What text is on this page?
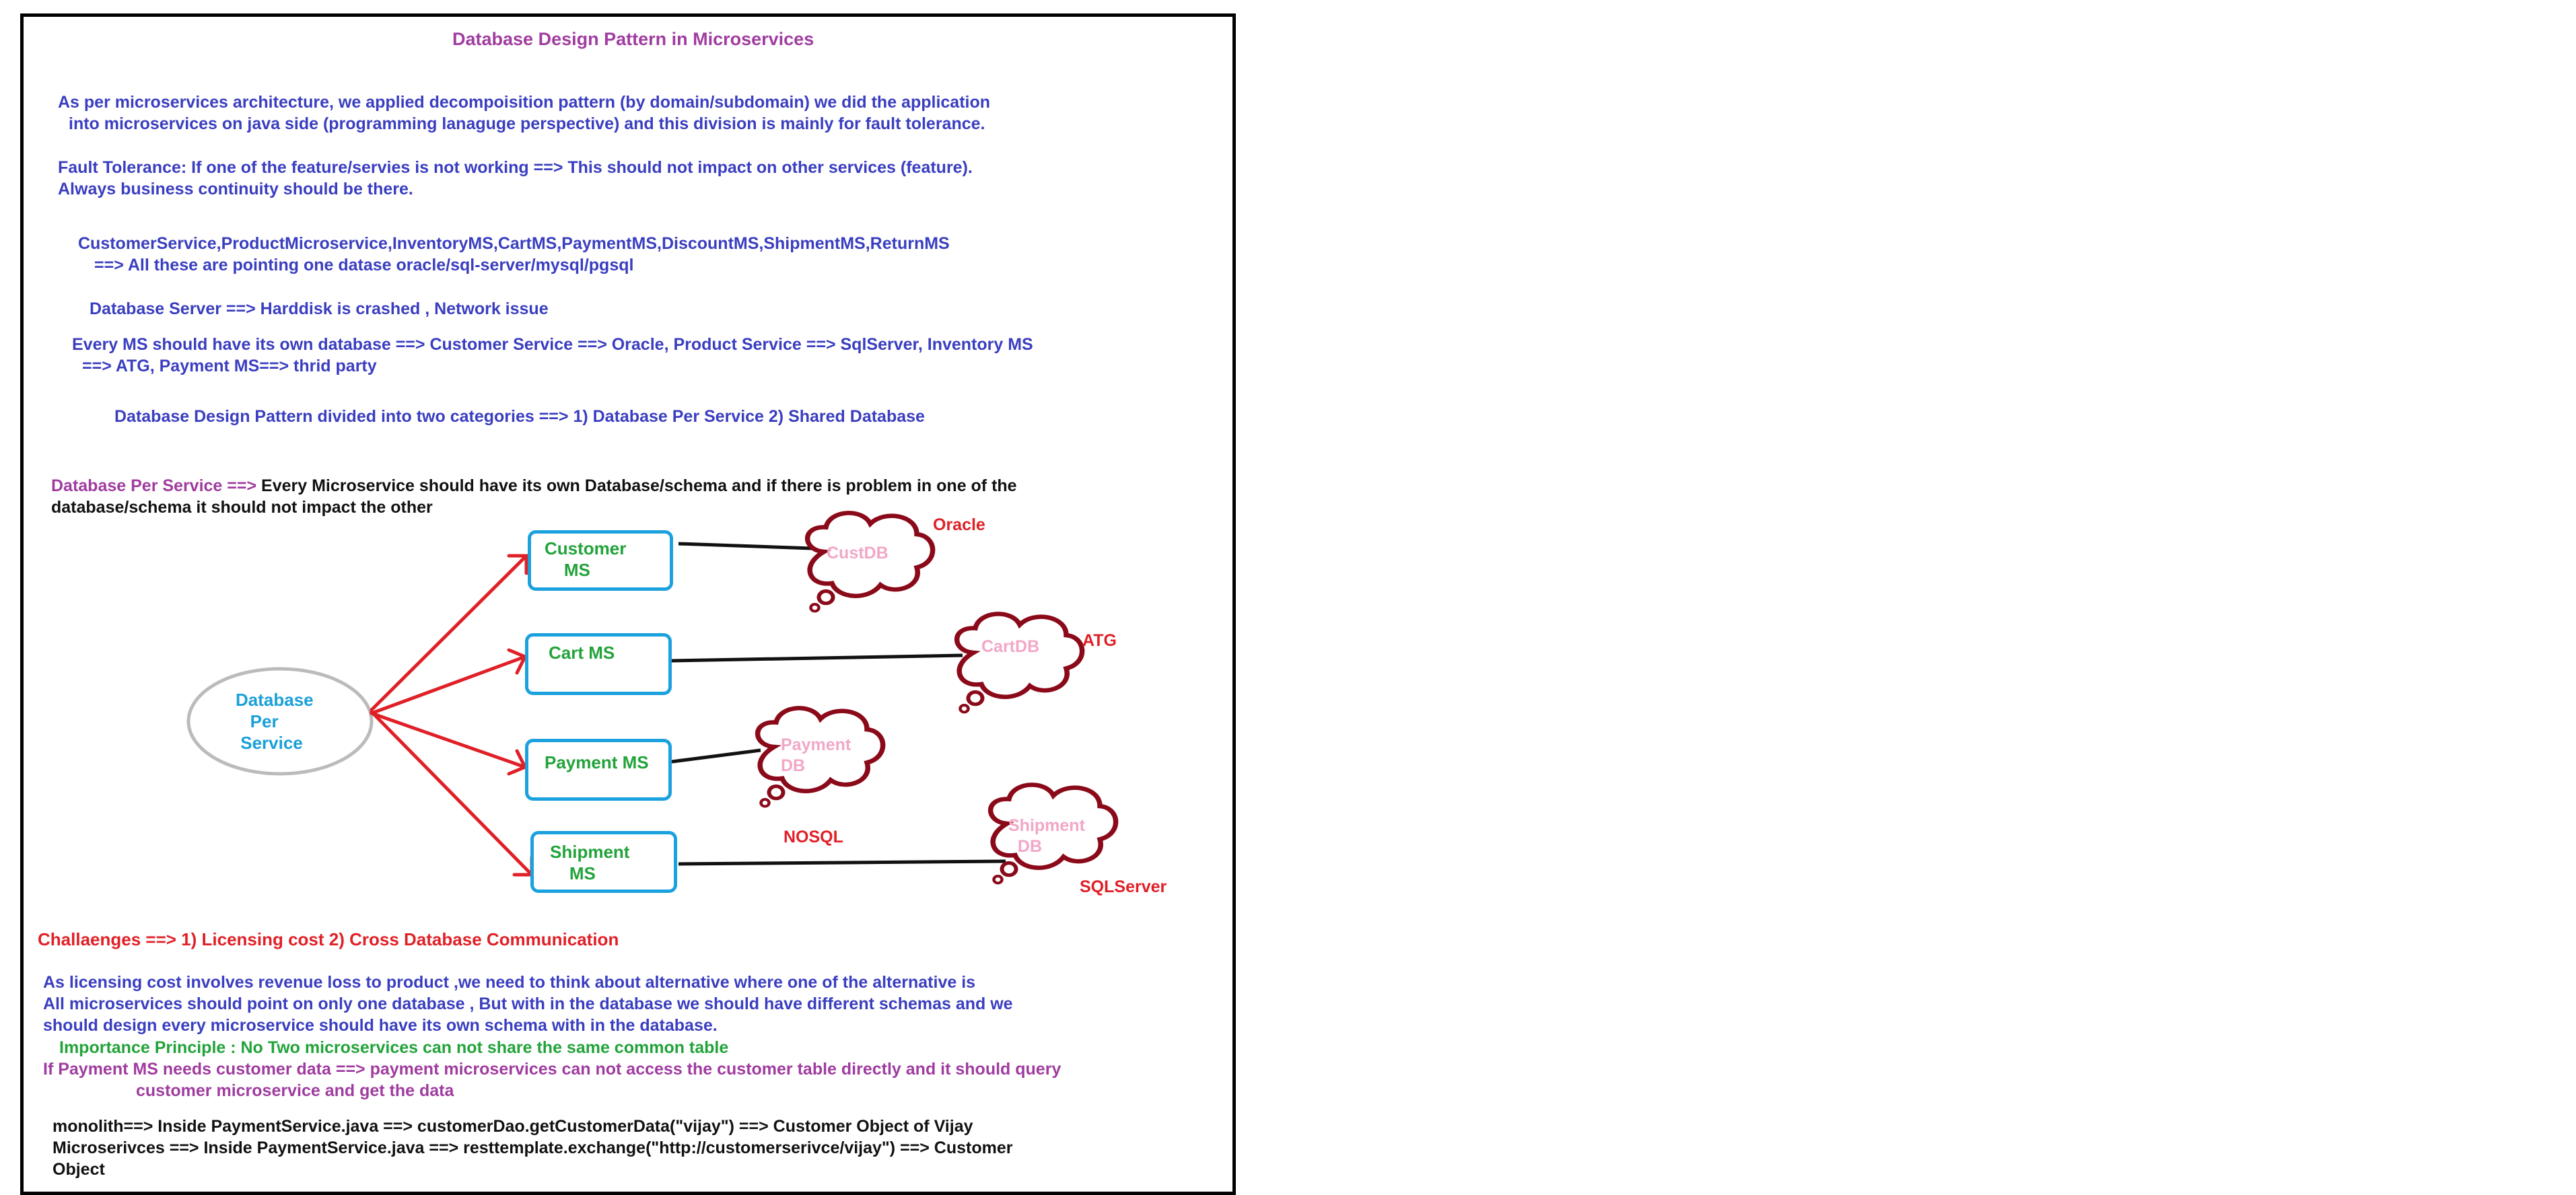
Database Design Pattern in Microservices
As per microservices architecture, we applied decompoisition pattern (by domain/subdomain) we did the application
into microservices on java side (programming lanaguge perspective) and this division is mainly for fault tolerance.
Fault Tolerance: If one of the feature/servies is not working ==> This should not impact on other services (feature).
Always business continuity should be there.
CustomerService,ProductMicroservice,InventoryMS,CartMS,PaymentMS,DiscountMS,ShipmentMS,ReturnMS
==> All these are pointing one datase oracle/sql-server/mysql/pgsql
Database Server ==> Harddisk is crashed , Network issue
Every MS should have its own database ==> Customer Service ==> Oracle, Product Service ==> SqlServer, Inventory MS
==> ATG, Payment MS==> thrid party
Database Design Pattern divided into two categories ==> 1) Database Per Service 2) Shared Database
Database Per Service ==> Every Microservice should have its own Database/schema and if there is problem in one of the
database/schema it should not impact the other
Database
Per
Service
Customer
MS
Cart MS
Payment MS
Shipment
MS
CustDB
CartDB
Payment
DB
Shipment
DB
Oracle
ATG
NOSQL
SQLServer
Challaenges ==> 1) Licensing cost 2) Cross Database Communication
As licensing cost involves revenue loss to product ,we need to think about alternative where one of the alternative is
All microservices should point on only one database , But with in the database we should have different schemas and we
should design every microservice should have its own schema with in the database.
Importance Principle : No Two microservices can not share the same common table
If Payment MS needs customer data ==> payment microservices can not access the customer table directly and it should query
customer microservice and get the data
monolith==> Inside PaymentService.java ==> customerDao.getCustomerData("vijay") ==> Customer Object of Vijay
Microserivces ==> Inside PaymentService.java ==> resttemplate.exchange("http://customerserivce/vijay") ==> Customer
Object
